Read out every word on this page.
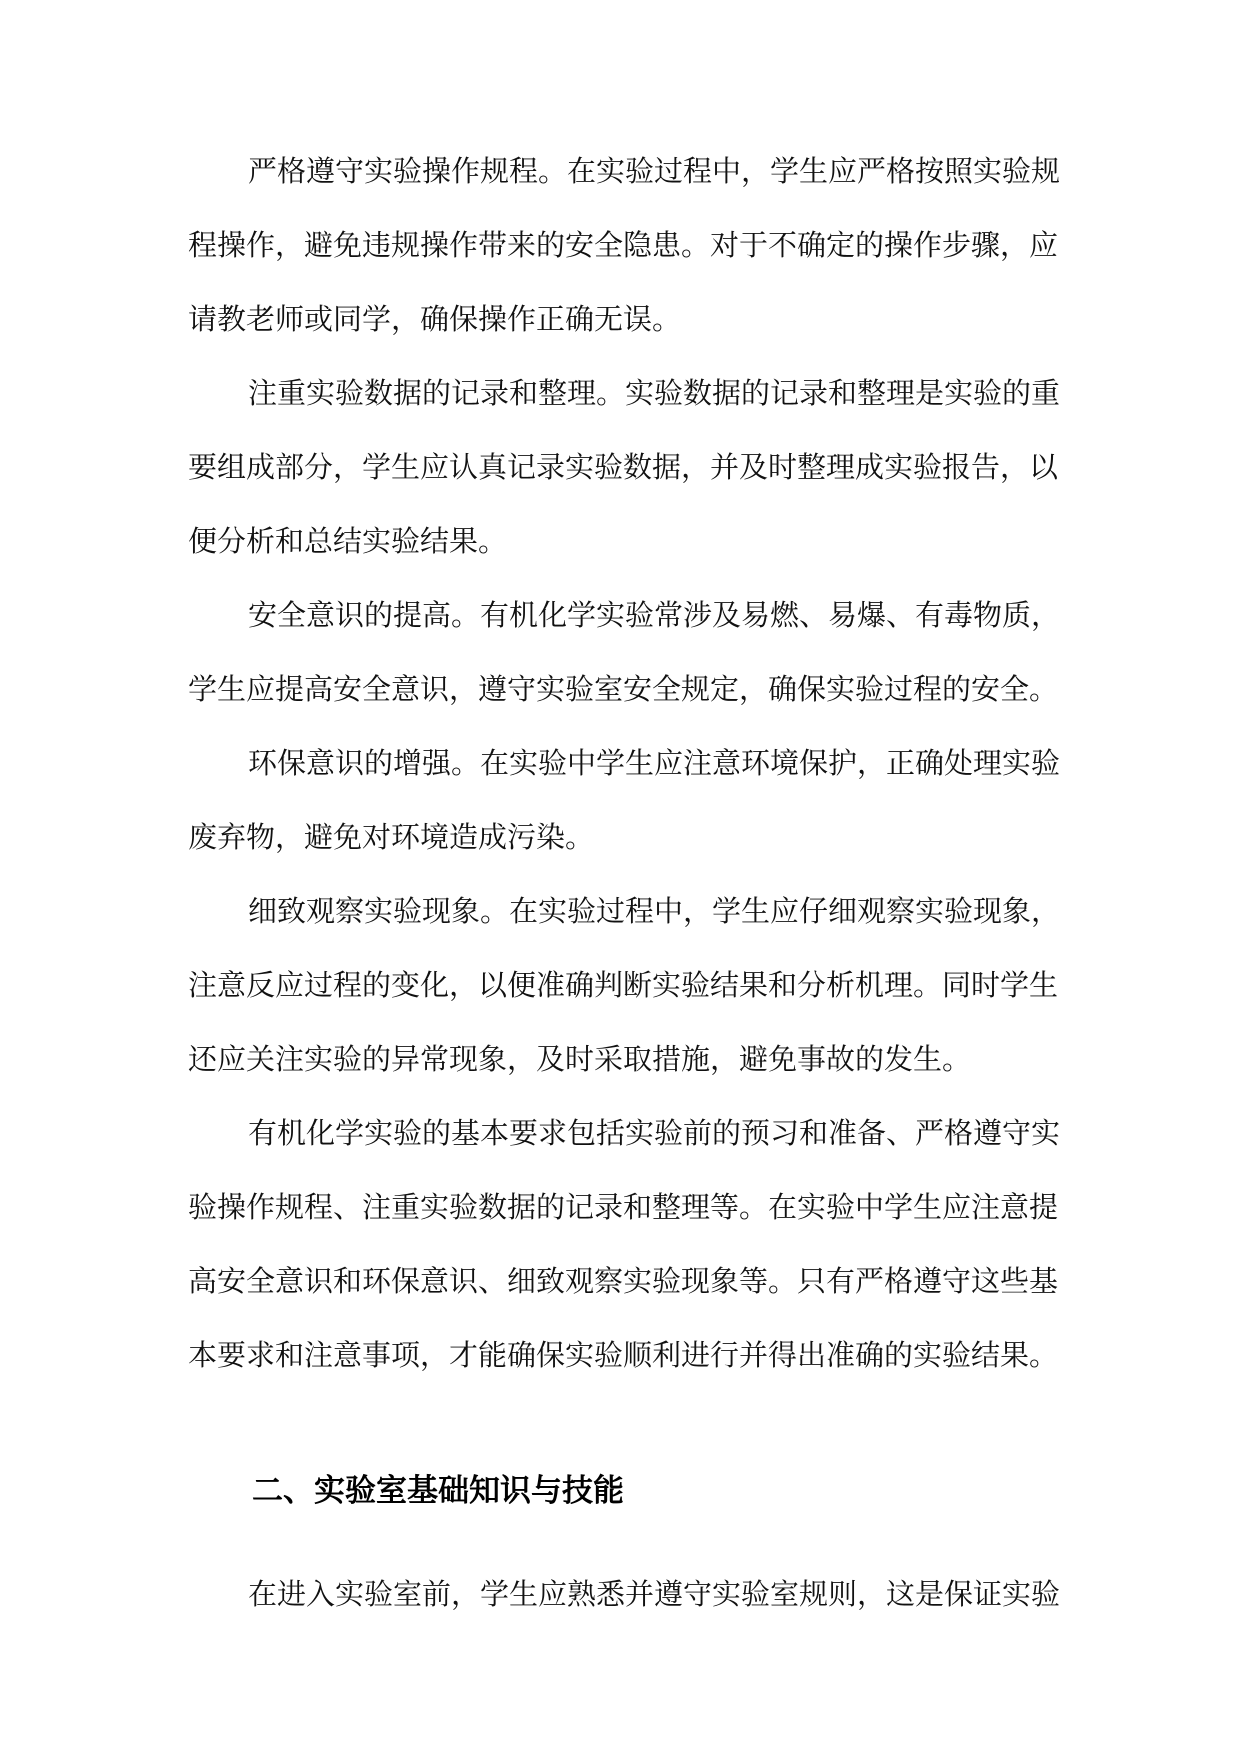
严格遵守实验操作规程。在实验过程中，学生应严格按照实验规
程操作，避免违规操作带来的安全隐患。对于不确定的操作步骤，应
请教老师或同学，确保操作正确无误。
注重实验数据的记录和整理。实验数据的记录和整理是实验的重
要组成部分，学生应认真记录实验数据，并及时整理成实验报告，以
便分析和总结实验结果。
安全意识的提高。有机化学实验常涉及易燃、易爆、有毒物质，
学生应提高安全意识，遵守实验室安全规定，确保实验过程的安全。
环保意识的增强。在实验中学生应注意环境保护，正确处理实验
废弃物，避免对环境造成污染。
细致观察实验现象。在实验过程中，学生应仔细观察实验现象，
注意反应过程的变化，以便准确判断实验结果和分析机理。同时学生
还应关注实验的异常现象，及时采取措施，避免事故的发生。
有机化学实验的基本要求包括实验前的预习和准备、严格遵守实
验操作规程、注重实验数据的记录和整理等。在实验中学生应注意提
高安全意识和环保意识、细致观察实验现象等。只有严格遵守这些基
本要求和注意事项，才能确保实验顺利进行并得出准确的实验结果。
二、实验室基础知识与技能
在进入实验室前，学生应熟悉并遵守实验室规则，这是保证实验
